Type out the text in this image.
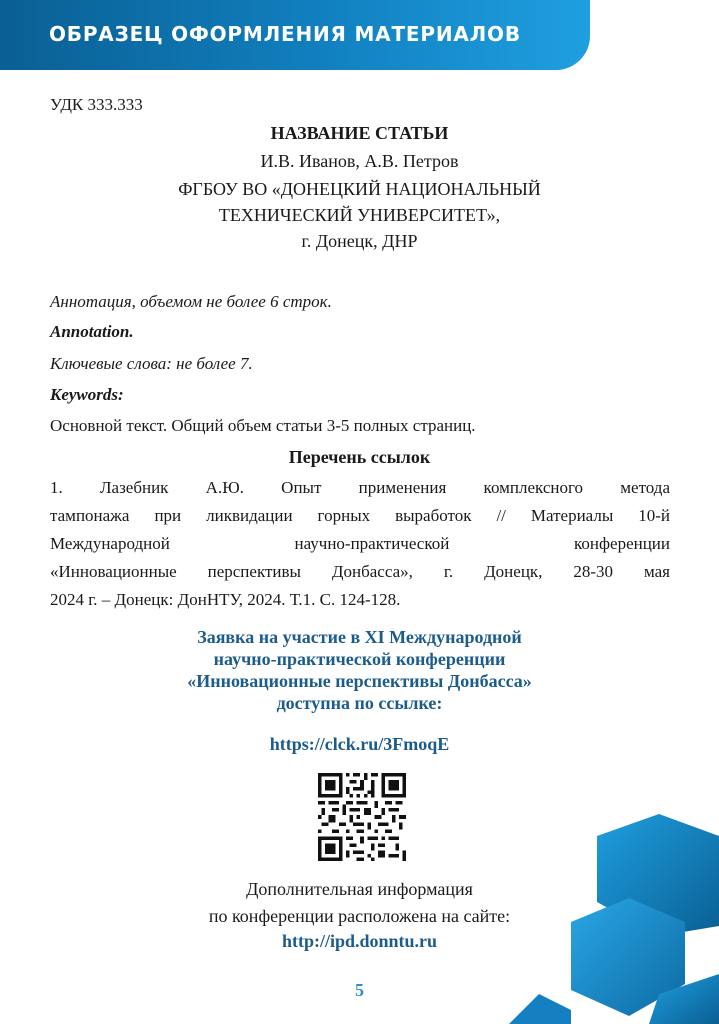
ОБРАЗЕЦ ОФОРМЛЕНИЯ МАТЕРИАЛОВ

УДК 333.333

НАЗВАНИЕ СТАТЬИ

И.В. Иванов, А.В. Петров

ФГБОУ ВО «ДОНЕЦКИЙ НАЦИОНАЛЬНЫЙ
ТЕХНИЧЕСКИЙ УНИВЕРСИТЕТ»,

г. Донецк, ДНР

Аннотация, объемом не более 6 строк.

Annotation.

Ключевые слова: не более 7.

Keywords:

Основной текст. Общий объем статьи 3-5 полных страниц.

Перечень ссылок

1. Лазебник А.Ю. Опыт применения комплексного метода
тампонажа при ликвидации горных выработок // Материалы 10-й
Международной научно-практической конференции
«Инновационные перспективы Донбасса», г. Донецк, 28-30 мая
2024 г. – Донецк: ДонНТУ, 2024. Т.1. С. 124-128.

Заявка на участие в XI Международной
научно-практической конференции
«Инновационные перспективы Донбасса»
доступна по ссылке:

https://clck.ru/3FmoqE

Дополнительная информация
по конференции расположена на сайте:

http://ipd.donntu.ru

5
